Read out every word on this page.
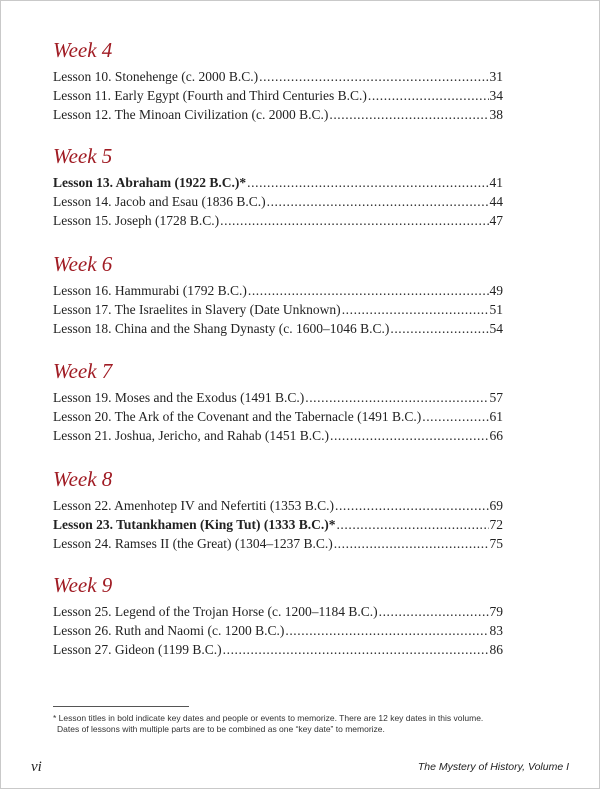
Week 4
Lesson 10. Stonehenge (c. 2000 B.C.) .....	31
Lesson 11. Early Egypt (Fourth and Third Centuries B.C.) .....	34
Lesson 12. The Minoan Civilization (c. 2000 B.C.) .....	38
Week 5
Lesson 13. Abraham (1922 B.C.)* .....	41
Lesson 14. Jacob and Esau (1836 B.C.) .....	44
Lesson 15. Joseph (1728 B.C.) .....	47
Week 6
Lesson 16. Hammurabi (1792 B.C.) .....	49
Lesson 17. The Israelites in Slavery (Date Unknown) .....	51
Lesson 18. China and the Shang Dynasty (c. 1600–1046 B.C.) .....	54
Week 7
Lesson 19. Moses and the Exodus (1491 B.C.) .....	57
Lesson 20. The Ark of the Covenant and the Tabernacle (1491 B.C.) .....	61
Lesson 21. Joshua, Jericho, and Rahab (1451 B.C.) .....	66
Week 8
Lesson 22. Amenhotep IV and Nefertiti (1353 B.C.) .....	69
Lesson 23. Tutankhamen (King Tut) (1333 B.C.)* .....	72
Lesson 24. Ramses II (the Great) (1304–1237 B.C.) .....	75
Week 9
Lesson 25. Legend of the Trojan Horse (c. 1200–1184 B.C.) .....	79
Lesson 26. Ruth and Naomi (c. 1200 B.C.) .....	83
Lesson 27. Gideon (1199 B.C.) .....	86
* Lesson titles in bold indicate key dates and people or events to memorize. There are 12 key dates in this volume.
Dates of lessons with multiple parts are to be combined as one “key date” to memorize.
vi	The Mystery of History, Volume I
